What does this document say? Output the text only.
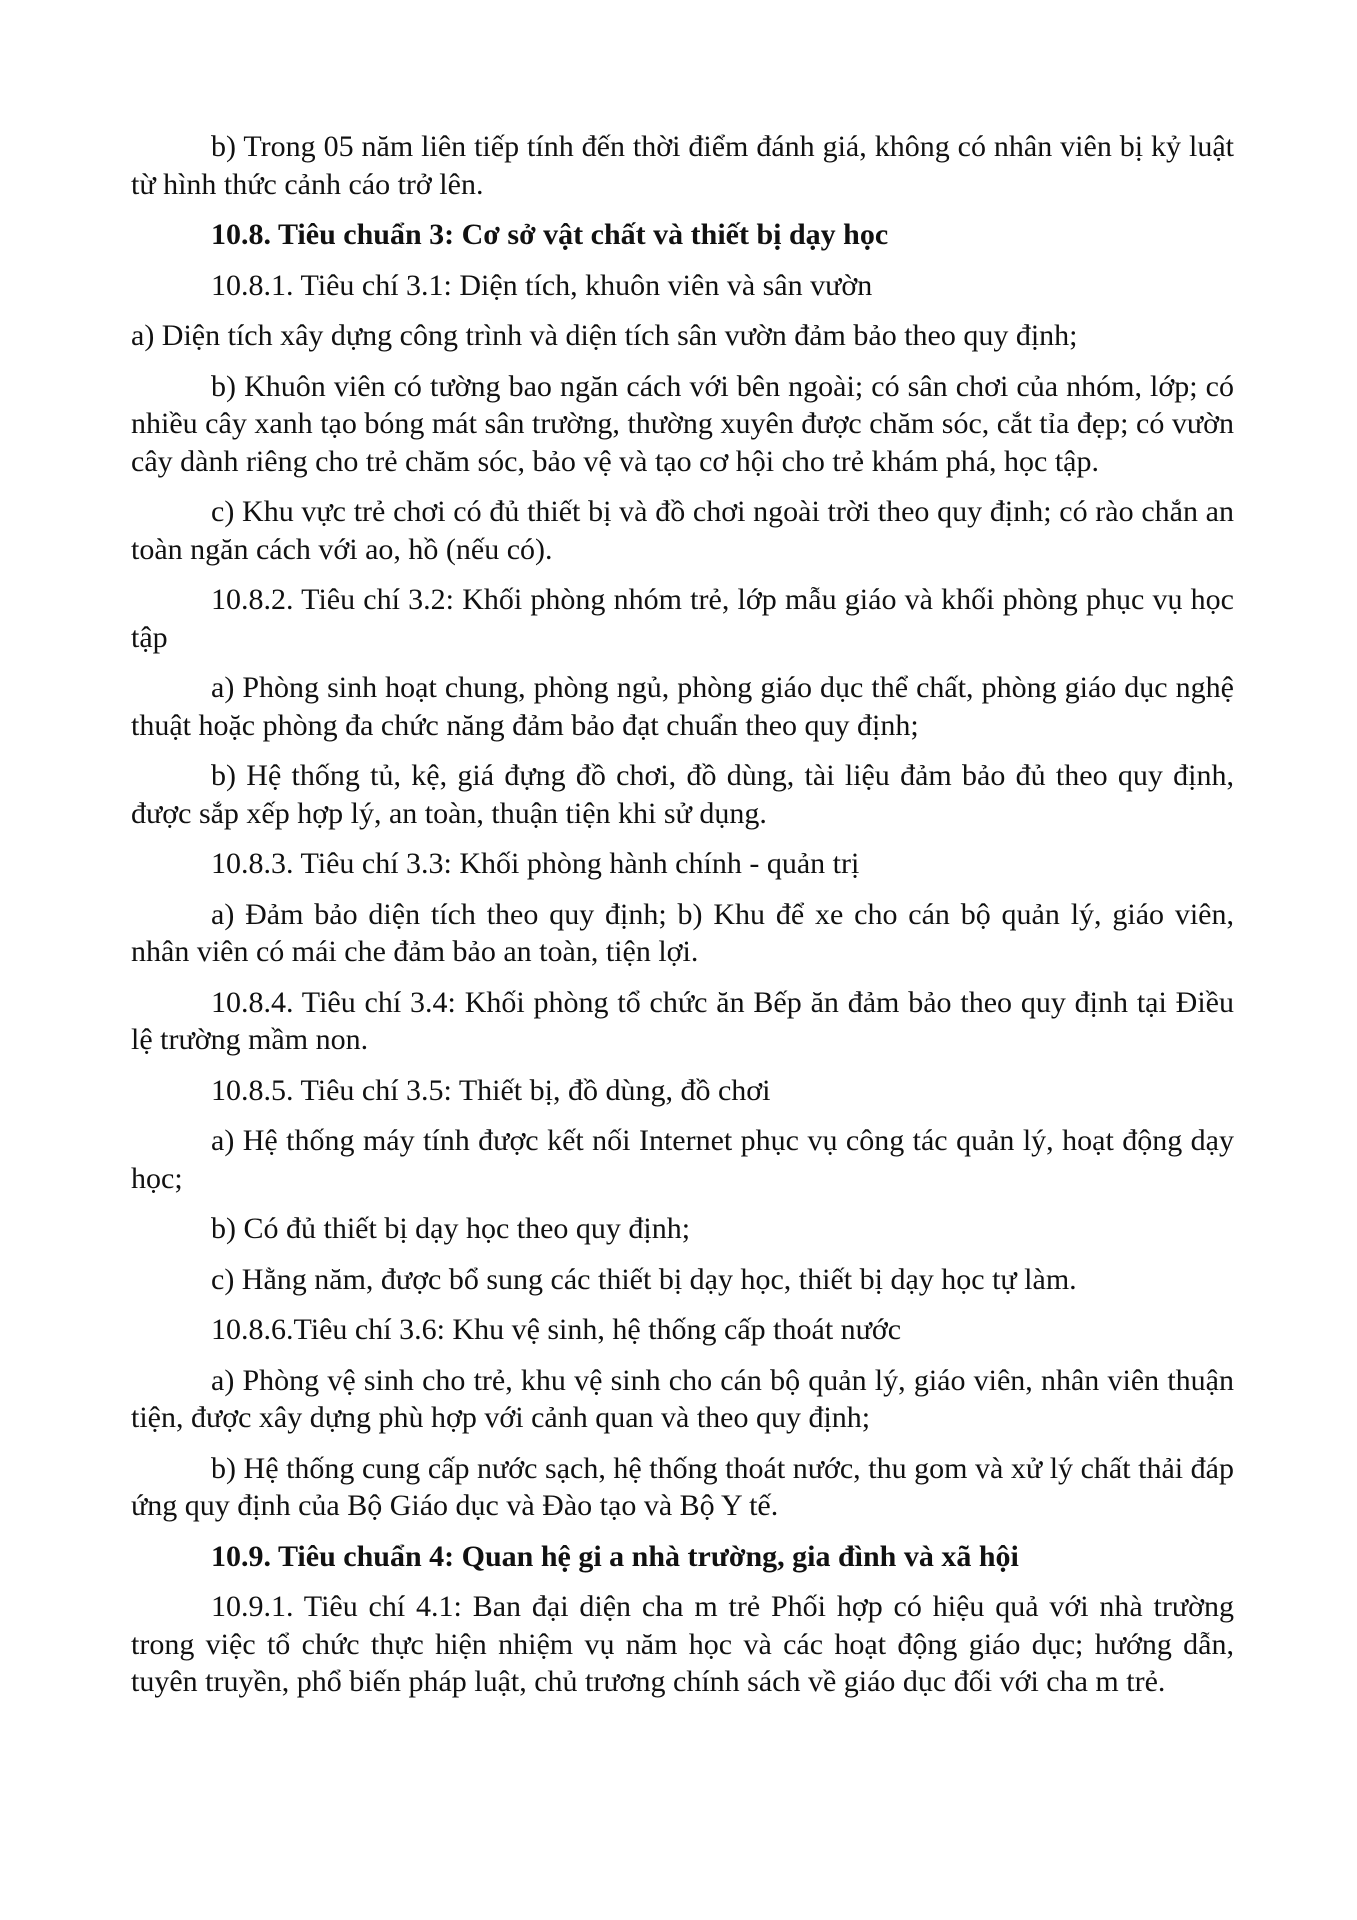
b) Trong 05 năm liên tiếp tính đến thời điểm đánh giá, không có nhân viên bị kỷ luật từ hình thức cảnh cáo trở lên.

10.8. Tiêu chuẩn 3: Cơ sở vật chất và thiết bị dạy học

10.8.1. Tiêu chí 3.1: Diện tích, khuôn viên và sân vườn

a) Diện tích xây dựng công trình và diện tích sân vườn đảm bảo theo quy định;

b) Khuôn viên có tường bao ngăn cách với bên ngoài; có sân chơi của nhóm, lớp; có nhiều cây xanh tạo bóng mát sân trường, thường xuyên được chăm sóc, cắt tỉa đẹp; có vườn cây dành riêng cho trẻ chăm sóc, bảo vệ và tạo cơ hội cho trẻ khám phá, học tập.

c) Khu vực trẻ chơi có đủ thiết bị và đồ chơi ngoài trời theo quy định; có rào chắn an toàn ngăn cách với ao, hồ (nếu có).

10.8.2. Tiêu chí 3.2: Khối phòng nhóm trẻ, lớp mẫu giáo và khối phòng phục vụ học tập

a) Phòng sinh hoạt chung, phòng ngủ, phòng giáo dục thể chất, phòng giáo dục nghệ thuật hoặc phòng đa chức năng đảm bảo đạt chuẩn theo quy định;

b) Hệ thống tủ, kệ, giá đựng đồ chơi, đồ dùng, tài liệu đảm bảo đủ theo quy định, được sắp xếp hợp lý, an toàn, thuận tiện khi sử dụng.

10.8.3. Tiêu chí 3.3: Khối phòng hành chính - quản trị

a) Đảm bảo diện tích theo quy định; b) Khu để xe cho cán bộ quản lý, giáo viên, nhân viên có mái che đảm bảo an toàn, tiện lợi.

10.8.4. Tiêu chí 3.4: Khối phòng tổ chức ăn Bếp ăn đảm bảo theo quy định tại Điều lệ trường mầm non.

10.8.5. Tiêu chí 3.5: Thiết bị, đồ dùng, đồ chơi

a) Hệ thống máy tính được kết nối Internet phục vụ công tác quản lý, hoạt động dạy học;

b) Có đủ thiết bị dạy học theo quy định;

c) Hằng năm, được bổ sung các thiết bị dạy học, thiết bị dạy học tự làm.

10.8.6.Tiêu chí 3.6: Khu vệ sinh, hệ thống cấp thoát nước

a) Phòng vệ sinh cho trẻ, khu vệ sinh cho cán bộ quản lý, giáo viên, nhân viên thuận tiện, được xây dựng phù hợp với cảnh quan và theo quy định;

b) Hệ thống cung cấp nước sạch, hệ thống thoát nước, thu gom và xử lý chất thải đáp ứng quy định của Bộ Giáo dục và Đào tạo và Bộ Y tế.

10.9. Tiêu chuẩn 4: Quan hệ gi a nhà trường, gia đình và xã hội

10.9.1. Tiêu chí 4.1: Ban đại diện cha m trẻ Phối hợp có hiệu quả với nhà trường trong việc tổ chức thực hiện nhiệm vụ năm học và các hoạt động giáo dục; hướng dẫn, tuyên truyền, phổ biến pháp luật, chủ trương chính sách về giáo dục đối với cha m trẻ.
